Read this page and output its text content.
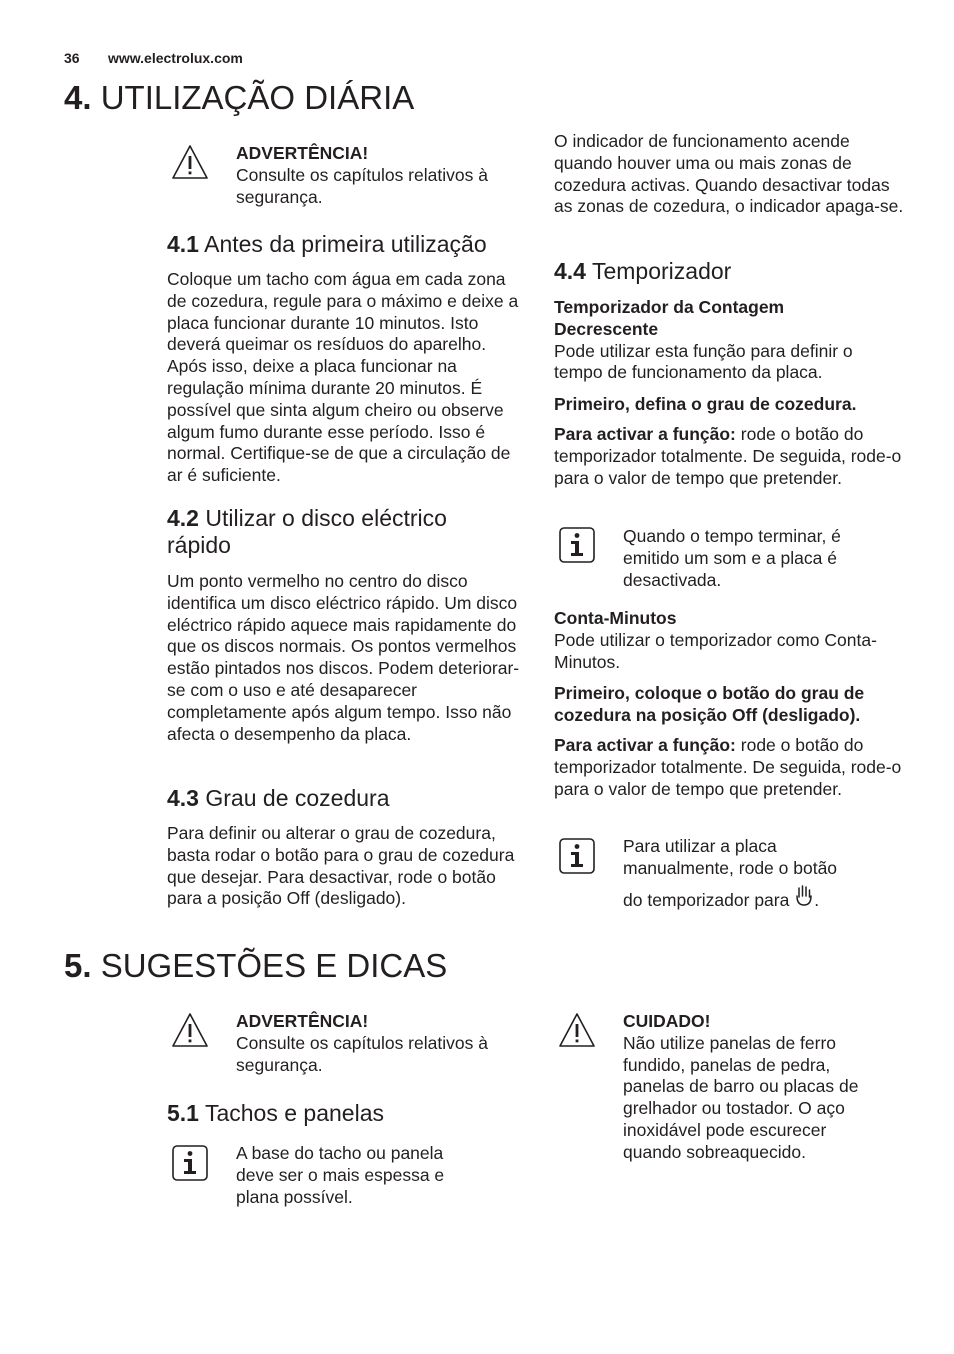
36 www.electrolux.com
4. UTILIZAÇÃO DIÁRIA
ADVERTÊNCIA!
Consulte os capítulos relativos à segurança.
4.1 Antes da primeira utilização
Coloque um tacho com água em cada zona de cozedura, regule para o máximo e deixe a placa funcionar durante 10 minutos. Isto deverá queimar os resíduos do aparelho. Após isso, deixe a placa funcionar na regulação mínima durante 20 minutos. É possível que sinta algum cheiro ou observe algum fumo durante esse período. Isso é normal. Certifique-se de que a circulação de ar é suficiente.
4.2 Utilizar o disco eléctrico rápido
Um ponto vermelho no centro do disco identifica um disco eléctrico rápido. Um disco eléctrico rápido aquece mais rapidamente do que os discos normais. Os pontos vermelhos estão pintados nos discos. Podem deteriorar-se com o uso e até desaparecer completamente após algum tempo. Isso não afecta o desempenho da placa.
4.3 Grau de cozedura
Para definir ou alterar o grau de cozedura, basta rodar o botão para o grau de cozedura que desejar. Para desactivar, rode o botão para a posição Off (desligado).
O indicador de funcionamento acende quando houver uma ou mais zonas de cozedura activas. Quando desactivar todas as zonas de cozedura, o indicador apaga-se.
4.4 Temporizador
Temporizador da Contagem Decrescente
Pode utilizar esta função para definir o tempo de funcionamento da placa.
Primeiro, defina o grau de cozedura.
Para activar a função: rode o botão do temporizador totalmente. De seguida, rode-o para o valor de tempo que pretender.
Quando o tempo terminar, é emitido um som e a placa é desactivada.
Conta-Minutos
Pode utilizar o temporizador como Conta-Minutos.
Primeiro, coloque o botão do grau de cozedura na posição Off (desligado).
Para activar a função: rode o botão do temporizador totalmente. De seguida, rode-o para o valor de tempo que pretender.
Para utilizar a placa manualmente, rode o botão
do temporizador para .
5. SUGESTÕES E DICAS
ADVERTÊNCIA!
Consulte os capítulos relativos à segurança.
5.1 Tachos e panelas
A base do tacho ou panela deve ser o mais espessa e plana possível.
CUIDADO!
Não utilize panelas de ferro fundido, panelas de pedra, panelas de barro ou placas de grelhador ou tostador. O aço inoxidável pode escurecer quando sobreaquecido.
